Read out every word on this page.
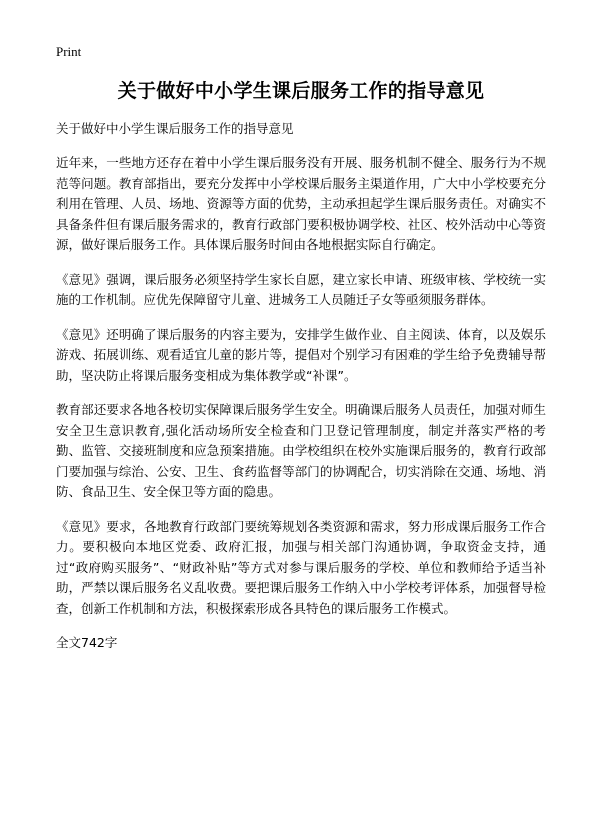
Print
关于做好中小学生课后服务工作的指导意见

关于做好中小学生课后服务工作的指导意见

近年来，一些地方还存在着中小学生课后服务没有开展、服务机制不健全、服务行为不规范等问题。教育部指出，要充分发挥中小学校课后服务主渠道作用，广大中小学校要充分利用在管理、人员、场地、资源等方面的优势，主动承担起学生课后服务责任。对确实不具备条件但有课后服务需求的，教育行政部门要积极协调学校、社区、校外活动中心等资源，做好课后服务工作。具体课后服务时间由各地根据实际自行确定。

《意见》强调，课后服务必须坚持学生家长自愿，建立家长申请、班级审核、学校统一实施的工作机制。应优先保障留守儿童、进城务工人员随迁子女等亟须服务群体。

《意见》还明确了课后服务的内容主要为，安排学生做作业、自主阅读、体育，以及娱乐游戏、拓展训练、观看适宜儿童的影片等，提倡对个别学习有困难的学生给予免费辅导帮助，坚决防止将课后服务变相成为集体教学或“补课”。

教育部还要求各地各校切实保障课后服务学生安全。明确课后服务人员责任，加强对师生安全卫生意识教育,强化活动场所安全检查和门卫登记管理制度，制定并落实严格的考勤、监管、交接班制度和应急预案措施。由学校组织在校外实施课后服务的，教育行政部门要加强与综治、公安、卫生、食药监督等部门的协调配合，切实消除在交通、场地、消防、食品卫生、安全保卫等方面的隐患。

《意见》要求，各地教育行政部门要统筹规划各类资源和需求，努力形成课后服务工作合力。要积极向本地区党委、政府汇报，加强与相关部门沟通协调，争取资金支持，通过“政府购买服务”、“财政补贴”等方式对参与课后服务的学校、单位和教师给予适当补助，严禁以课后服务名义乱收费。要把课后服务工作纳入中小学校考评体系，加强督导检查，创新工作机制和方法，积极探索形成各具特色的课后服务工作模式。

全文742字
